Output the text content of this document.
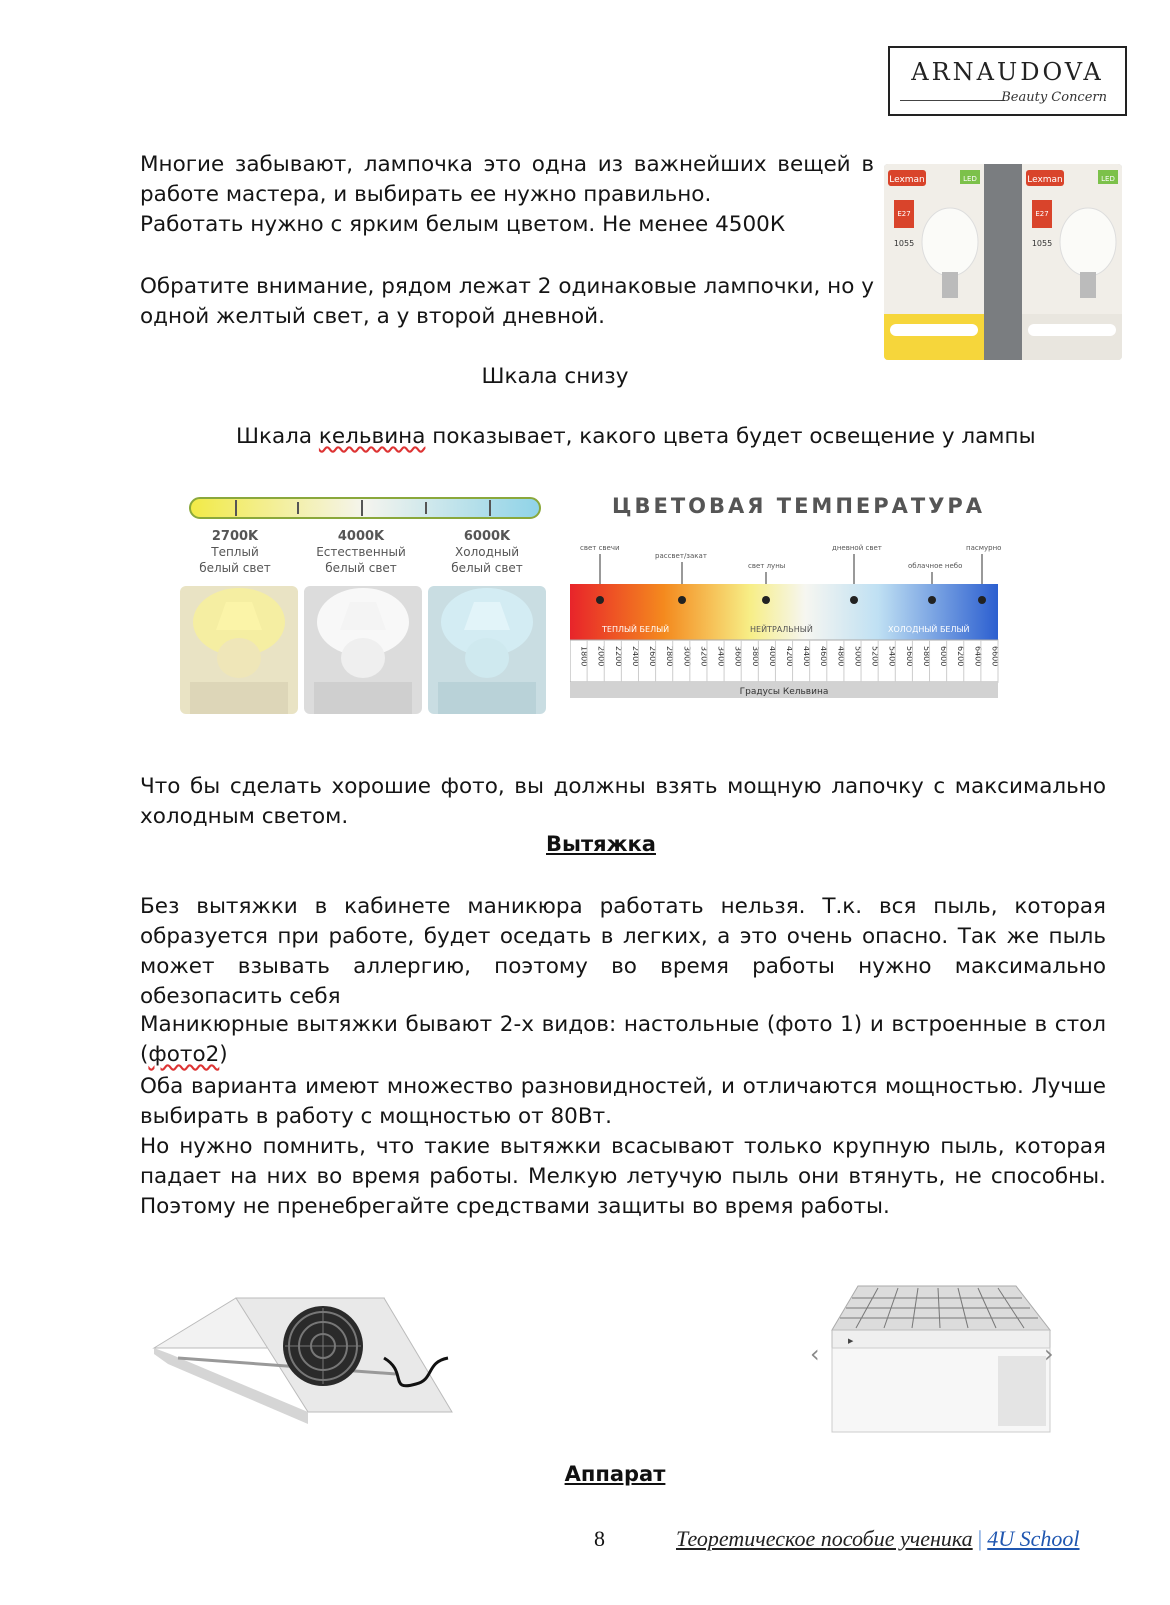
ARNAUDOVA
Beauty Concern
Многие забывают, лампочка это одна из важнейших вещей в работе мастера, и выбирать ее нужно правильно.
Работать нужно с ярким белым цветом. Не менее 4500К
Обратите внимание, рядом лежат 2 одинаковые лампочки, но у одной желтый свет, а у второй дневной.
Lexman	Lexman
LED	LED
E27	E27
1055	1055
Шкала снизу
Шкала кельвина показывает, какого цвета будет освещение у лампы
2700K
Теплый
белый свет
4000K
Естественный
белый свет
6000K
Холодный
белый свет
ЦВЕТОВАЯ ТЕМПЕРАТУРА
свет свечи
рассвет/закат
свет луны
дневной свет
облачное небо
пасмурно
ТЕПЛЫЙ БЕЛЫЙ	НЕЙТРАЛЬНЫЙ	ХОЛОДНЫЙ БЕЛЫЙ
1800 2000 2200 2400 2600 2800 3000 3200 3400 3600 3800 4000 4200 4400 4600 4800 5000 5200 5400 5600 5800 6000 6200 6400 6600
Градусы Кельвина
Что бы сделать хорошие фото, вы должны взять мощную лапочку с максимально холодным светом.
Вытяжка
Без вытяжки в кабинете маникюра работать нельзя. Т.к. вся пыль, которая образуется при работе, будет оседать в легких, а это очень опасно. Так же пыль может взывать аллергию, поэтому во время работы нужно максимально обезопасить себя
Маникюрные вытяжки бывают 2-х видов: настольные (фото 1) и встроенные в стол (фото2)
Оба варианта имеют множество разновидностей, и отличаются мощностью. Лучше выбирать в работу с мощностью от 80Вт.
Но нужно помнить, что такие вытяжки всасывают только крупную пыль, которая падает на них во время работы. Мелкую летучую пыль они втянуть, не способны. Поэтому не пренебрегайте средствами защиты во время работы.
▶
‹	›
Аппарат
8	Теоретическое пособие ученика | 4U School
